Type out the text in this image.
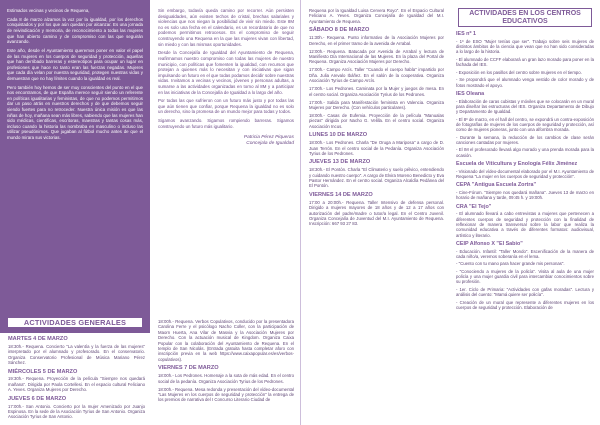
Estimados vecinas y vecinos de Requena,

Cada 8 de marzo alzamos la voz por la igualdad, por los derechos conquistados y por los que aún quedan por alcanzar. Es una jornada de reivindicación y memoria, de reconocimiento a todas las mujeres que han abierto camino y de compromiso con las que seguirán avanzando.

Este año, desde el Ayuntamiento queremos poner en valor el papel de las mujeres en los cuerpos de seguridad y protección, aquellas que han derribado barreras y estereotipos para ocupar un lugar en profesiones que hace no tanto eran las fuerzas negadas. Mujeres que cada día velan por nuestra seguridad, protegen nuestras vidas y demuestran que no hay límites cuando la igualdad es real.

Pero también hoy hemos de ser muy conscientes del punto en el que nos encontramos, de que España merece seguir siendo un referente en políticas igualitarias y feministas, de que no podemos permitirnos dar un paso atrás en nuestros derechos y de que debemos seguir siendo fuertes para no retroceder. Nuestra única misión es que las niñas de hoy, mañana sean más libres, sabiendo que las mujeres han sido médicas, científicas, escritoras, maestras y tantas cosas más, incluso cuando la historia las nombraba en masculino o incluso las utilizar pseudónimos. Que jugaban al fútbol mucho antes de que el mundo mirara sus victorias.

Sin embargo, todavía queda camino por recorrer. Aún persisten desigualdades, aún existen techos de cristal, brechas salariales y violencias que nos niegan la posibilidad de vivir sin miedo. Este 8M no es solo una fecha en el calendario, es un recordatorio de que no podemos permitirnos retrocesos. Es el compromiso de seguir construyendo una Requena en la que las mujeres vivan con libertad, sin miedo y con las mismas oportunidades.

Desde la Concejalía de Igualdad del Ayuntamiento de Requena, reafirmamos nuestro compromiso con todas las mujeres de nuestro municipio, con políticas que fomenten la igualdad, con recursos que protejan a quienes más lo necesitan y con iniciativas que sigan impulsando un futuro en el que todas podamos decidir sobre nuestras vidas. Invitamos a vecinas y vecinos, jóvenes y personas adultas, a sumarse a las actividades organizadas en torno al 8M y a participar en las iniciativas de la Concejalía de Igualdad a lo largo del año.

Por todas las que sufrieron con un futuro más justo y por todas las que aún tienen que confiar, porque Requena la igualdad no es solo un derecho, sino la promesa de un mundo mejor para todas y todos.

Sigamos avanzando. Sigamos rompiendo barreras. Sigamos construyendo un futuro más igualitario.

Patricia Pérez Piqueras
Concejala de Igualdad
MARTES 4 DE MARZO
18:30h.- Requena. Concierto "La valentía y la fuerza de las mujeres" interpretado por el alumnado y profesorado. En el conservatorio. Organiza Conservatorio Profesional de Música Mariano Pérez Sánchez.
MIÉRCOLES 5 DE MARZO
19:30h.- Requena. Proyección de la película "Siempre nos quedará mañana". Dirigida por Paola Cortellesi. En el espacio cultural Feliciano A. Yeves. Organiza Mujeres por Derecho.
JUEVES 6 DE MARZO
17:00h.- San Antonio. Concierto por la mujer Amenizado por Juanjo Espinosa. En la sede de la Asociación Tyrius de San Antonio. Organiza Asociación Tyrius de San Antonio.
ACTIVIDADES GENERALES	18:00h.- Requena. Verbos Copulativos, conducido por la presentadora Carolina Ferre y el psicólogo Nacho Coller, con la participación de Maorn Huerta, Ana Vilar de Masvia y la Asociación Mujeres por Derecho. Con la actuación musical de Kingdom. Organiza Caixa Popular con la colaboración del Ayuntamiento de Requena. En el templo de San Nicolás. (Entrada gratuita hasta completar aforo con inscripción previa en la web https://www.caixapopular.es/es/verbos-copulativos).
VIERNES 7 DE MARZO
18:00h.- Los Pedrones. Homenaje a la sota de más edad. En el centro social de la pedanía. Organiza Asociación Tyrius de los Pedrones.
18:00h.- Requena. Mesa redonda y presentación del vídeo-documental "Las Mujeres en los cuerpos de seguridad y protección" la entrega de los premios de narrativa del I Concurso Literario Ciudad de
Requena por la Igualdad Luisa Cervera Royo". En el Espacio Cultural Feliciano A. Yeves. Organiza Concejalía de Igualdad del M.I. Ayuntamiento de Requena.
SÁBADO 8 DE MARZO
11:30h.- Requena. Punto informativo de la Asociación Mujeres por Derecho, en el primer tramo de la avenida de Arrabal.
12:00h.- Requena. Batucada por Avenida de Arrabal y lectura de Manifiesto Día Internacional de las Mujeres. En la plaza del Portal de Requena. Organiza Asociación Mujeres por Derecho.
17:00h.- Campo Arcís. Taller "Cuando el cuerpo habla" impartido por Dña. Julia Arevalo Ibáñez. En el salón de la cooperativa. Organiza Asociación Tyrius de Campo Arcís.
17:00h.- Los Pedrones. Caminata por la Mujer y juegos de mesa. En el centro social. Organiza Asociación Tyrius de los Pedrones.
17:00h.- Salida para Manifestación feminista en Valencia. Organiza Mujeres por Derecho. (Con vehículos particulares).
18:00h.- Casas de Eufemia. Proyección de la película "Manualas piezas" dirigida por Nacho G. Velilla. En el centro social. Organiza Asociación Incus.
LUNES 10 DE MARZO
18:00h.- Los Pedrones. Charla "De Oruga a Mariposa" a cargo de D. Juan Terrón. En el centro social de la Pedanía. Organiza Asociación Tyrius de los Pedrones.
JUEVES 13 DE MARZO
18:30h.- El Pontón. Charla "El Climaterio y suelo pélvico, entendiendo y cuidando nuestro cuerpo". A cargo de Elvira Moreno Benedicto y Eva Pastor Hernández. En el centro social. Organiza Alcaldía Pedánea del El Pontón.
VIERNES 14 DE MARZO
17:00 a 20:00h.- Requena. Taller Intensivo de defensa personal. Dirigido a mujeres mayores de 18 años y de 12 a 17 años con autorización del padre/madre o tutor/a legal. En el Centro Juvenil. Organiza Concejalía de Juventud del M.I. Ayuntamiento de Requena. Inscripción: 667 93 27 83.
ACTIVIDADES EN LOS CENTROS EDUCATIVOS
IES nº 1
- 1º de ESO "Mujer tenías que ser". Trabajo sobre seis mujeres de distintos ámbitos de la ciencia que vean que no han sido consideradas a lo largo de la historia.
- El alumnado de CCFF elaborará un gran lazo morado para poner en la fachada del IES.
- Exposición en los pasillos del centro sobre mujeres en el tiempo.
- Se propondrá que el alumnado venga vestido de color morado y de fotos mostrado el apoyo.
IES Oleana
- Elaboración de caras cubistas y móviles que se colocarán en un mural para diseñar las estructuras del IES. Organiza Departamento de Dibujo y Departamento de Igualdad.
- El 8º de marzo, en el hall del centro, se expondrá un contra-exposición de fotografías de mujeres de los cuerpos de seguridad y protección, así como de mujeres pioneras, junto con una alfombra morada.
- Durante la semana, la reducción de los cambios de clase serán canciones cantadas por mujeres.
- El IM el profesorado llevará algo morado y una prenda morada para la ocasión.
Escuela de Viticultura y Enología Félix Jiménez
- Visionado del vídeo-documental elaborado por el M.I. Ayuntamiento de Requena "La mujer en los cuerpos de seguridad y protección".
CEPA "Antigua Escuela Zortra"
- Cine-Fórum. "Siempre nos quedará mañana". Jueves 13 de marzo en horario de mañana y tarde, 09:45 h. y 19:00h.
CRA "El Tejo"
- El alumnado llevará a cabo entrevistas a mujeres que pertenecen a diferentes cuerpos de seguridad y protección con la finalidad de reflexionar de manera transversal sobre la labor que realiza la comunidad educativa a través de diferentes formatos: audiovisual, artístico y literario.
CEIP Alfonso X "El Sabio"
- Educación. Infantil: "Taller Mondo". Escenificación de la manera de cada niño/a, veremos soberanía en el lema.
- "Cuento con tu mano para hacer grande mis personas".
- "Conociendo a mujeres de la policía". Visita al aula de una mujer policía y una mujer guardia civil para intercambiar conocimientos sobre su profesión.
- 1er. Ciclo de Primaria: "Actividades con gafas moradas". Lectura y análisis del cuento: "Mamá quiere ser policía".
- Creación de un mural que represente a diferentes mujeres en los cuerpos de seguridad y protección. Elaboración de
